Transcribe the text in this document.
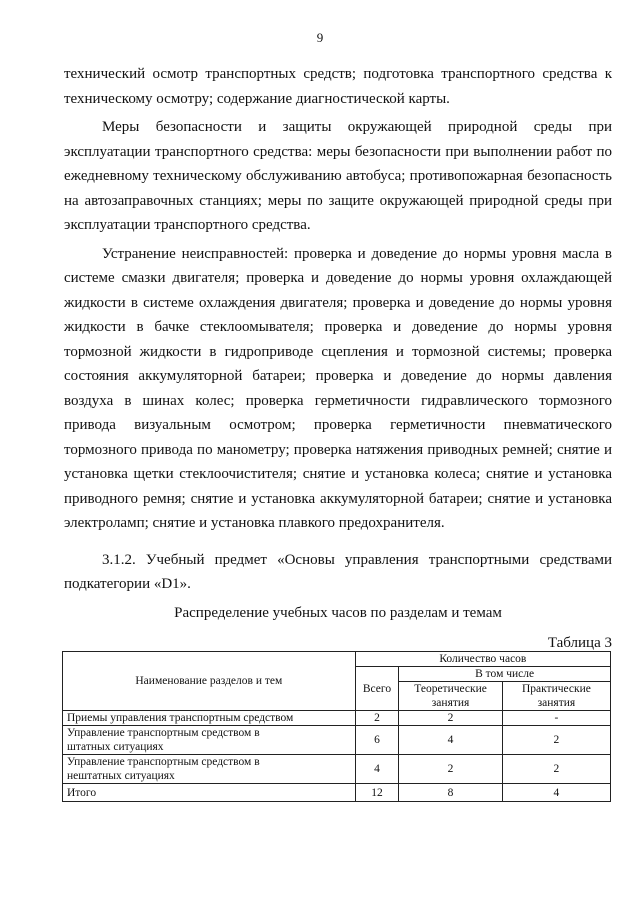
9

технический осмотр транспортных средств; подготовка транспортного средства к техническому осмотру; содержание диагностической карты.

Меры безопасности и защиты окружающей природной среды при эксплуатации транспортного средства: меры безопасности при выполнении работ по ежедневному техническому обслуживанию автобуса; противопожарная безопасность на автозаправочных станциях; меры по защите окружающей природной среды при эксплуатации транспортного средства.

Устранение неисправностей: проверка и доведение до нормы уровня масла в системе смазки двигателя; проверка и доведение до нормы уровня охлаждающей жидкости в системе охлаждения двигателя; проверка и доведение до нормы уровня жидкости в бачке стеклоомывателя; проверка и доведение до нормы уровня тормозной жидкости в гидроприводе сцепления и тормозной системы; проверка состояния аккумуляторной батареи; проверка и доведение до нормы давления воздуха в шинах колес; проверка герметичности гидравлического тормозного привода визуальным осмотром; проверка герметичности пневматического тормозного привода по манометру; проверка натяжения приводных ремней; снятие и установка щетки стеклоочистителя; снятие и установка колеса; снятие и установка приводного ремня; снятие и установка аккумуляторной батареи; снятие и установка электроламп; снятие и установка плавкого предохранителя.

3.1.2. Учебный предмет «Основы управления транспортными средствами подкатегории «D1».

Распределение учебных часов по разделам и темам

Таблица 3

Наименование разделов и тем	Количество часов		
	Всего	В том числе	
		Теоретические занятия	Практические занятия
Приемы управления транспортным средством	2	2	-
Управление транспортным средством в штатных ситуациях	6	4	2
Управление транспортным средством в нештатных ситуациях	4	2	2
Итого	12	8	4
